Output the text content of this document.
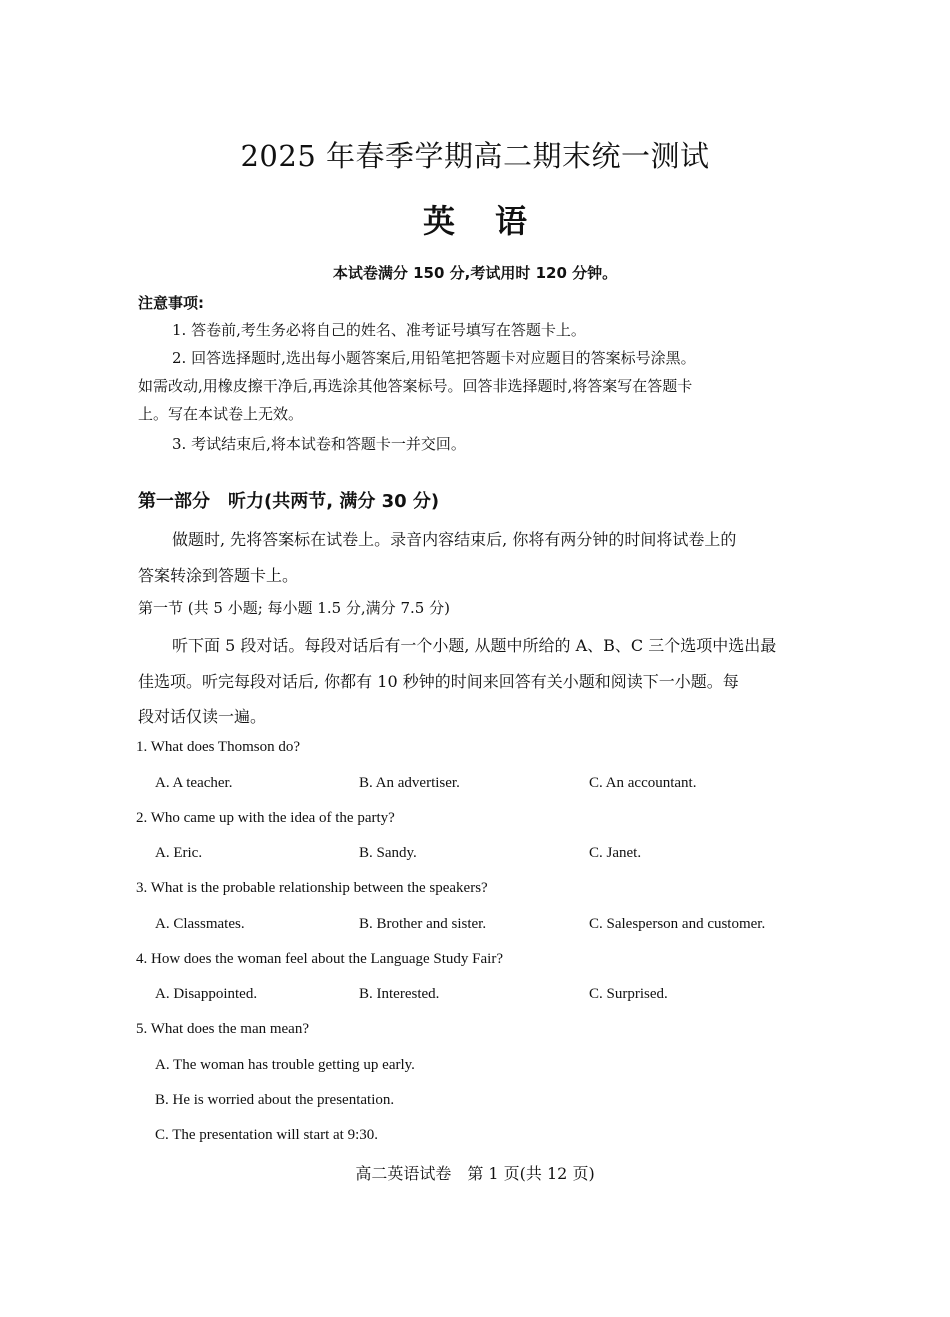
2025 年春季学期高二期末统一测试
英语
本试卷满分 150 分,考试用时 120 分钟。
注意事项:
1. 答卷前,考生务必将自己的姓名、准考证号填写在答题卡上。
2. 回答选择题时,选出每小题答案后,用铅笔把答题卡对应题目的答案标号涂黑。
如需改动,用橡皮擦干净后,再选涂其他答案标号。回答非选择题时,将答案写在答题卡
上。写在本试卷上无效。
3. 考试结束后,将本试卷和答题卡一并交回。
第一部分　听力(共两节, 满分 30 分)
做题时, 先将答案标在试卷上。录音内容结束后, 你将有两分钟的时间将试卷上的
答案转涂到答题卡上。
第一节 (共 5 小题; 每小题 1.5 分,满分 7.5 分)
听下面 5 段对话。每段对话后有一个小题, 从题中所给的 A、B、C 三个选项中选出最
佳选项。听完每段对话后, 你都有 10 秒钟的时间来回答有关小题和阅读下一小题。每
段对话仅读一遍。
1. What does Thomson do?
A. A teacher.	B. An advertiser.	C. An accountant.
2. Who came up with the idea of the party?
A. Eric.	B. Sandy.	C. Janet.
3. What is the probable relationship between the speakers?
A. Classmates.	B. Brother and sister.	C. Salesperson and customer.
4. How does the woman feel about the Language Study Fair?
A. Disappointed.	B. Interested.	C. Surprised.
5. What does the man mean?
A. The woman has trouble getting up early.
B. He is worried about the presentation.
C. The presentation will start at 9:30.
高二英语试卷　第 1 页(共 12 页)
